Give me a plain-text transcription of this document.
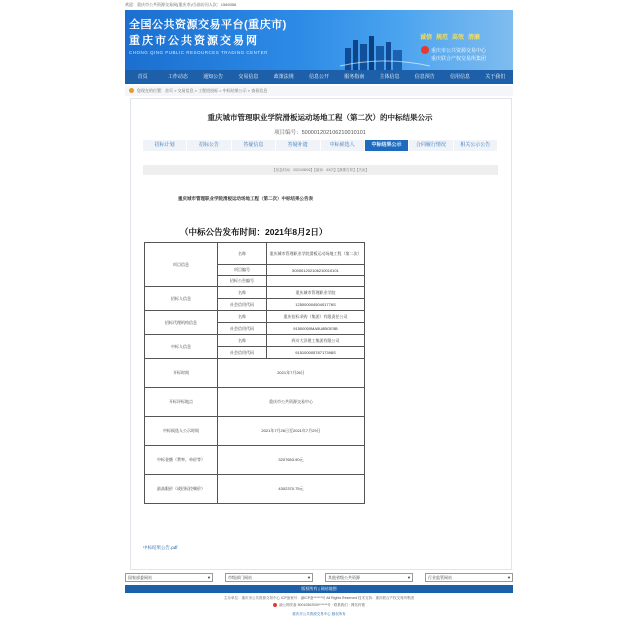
欢迎：重庆市公共资源交易网(重庆市)!当前访问人次：1589356
全国公共资源交易平台(重庆市)
重庆市公共资源交易网
CHONG QING PUBLIC RESOURCES TRADING CENTER
诚信 规范 高效 清廉
重庆市公共资源交易中心
重庆联合产权交易所集团
首页	工作动态	通知公告	交易信息	政策法规	信息公开	服务指南	主体信息	信息预告	信用信息	关于我们
您现在的位置：首页 > 交易信息 > 工程招投标 > 中标结果公示 > 查看信息
重庆城市管理职业学院滑板运动场地工程（第二次）的中标结果公示
项目编号：500001202106210010101
招标计划	招标公告	答疑信息	答疑补遗	中标候选人	中标结果公示	合同履行情况	相关公示公告
【信息时间：2021/08/02】【阅读：63次】【我要打印】【关闭】
重庆城市管理职业学院滑板运动场地工程（第二次）中标结果公告表
（中标公告发布时间：2021年8月2日）
项目信息	名称	重庆城市管理职业学院滑板运动场地工程（第二次）
	项目编号	500001202106210010101
	招标公告编号	
招标人信息	名称	重庆城市管理职业学院
	社会信用代码	12500000450401776S
招标代理机构信息	名称	重庆招标采购（集团）有限责任公司
	社会信用代码	91500000MA5U8BGE5B
中标人信息	名称	四川大洋建工集团有限公司
	社会信用代码	91510000578717398S
开标时间	2021年7月26日	
开标评标地点	重庆市公共资源交易中心	
中标候选人公示时间	2021年7月26日至2021年7月29日	
中标金额（费率、单价等）	3207653.90元	
最高限价（或招标控制价）	4302370.75元	
中标结果公告.pdf
国家部委网站	▼	市级部门网站	▼	其他省级公共资源	▼	行业监管网站	▼
版权所有 | 网站地图
主办单位：重庆市公共资源交易中心 ICP备案号：渝ICP备******号 All Rights Reserved 技术支持：重庆联合产权交易所集团
渝公网安备 50010502000******号 · 联系我们 · 网站纠错
重庆市公共资源交易中心 版权所有
